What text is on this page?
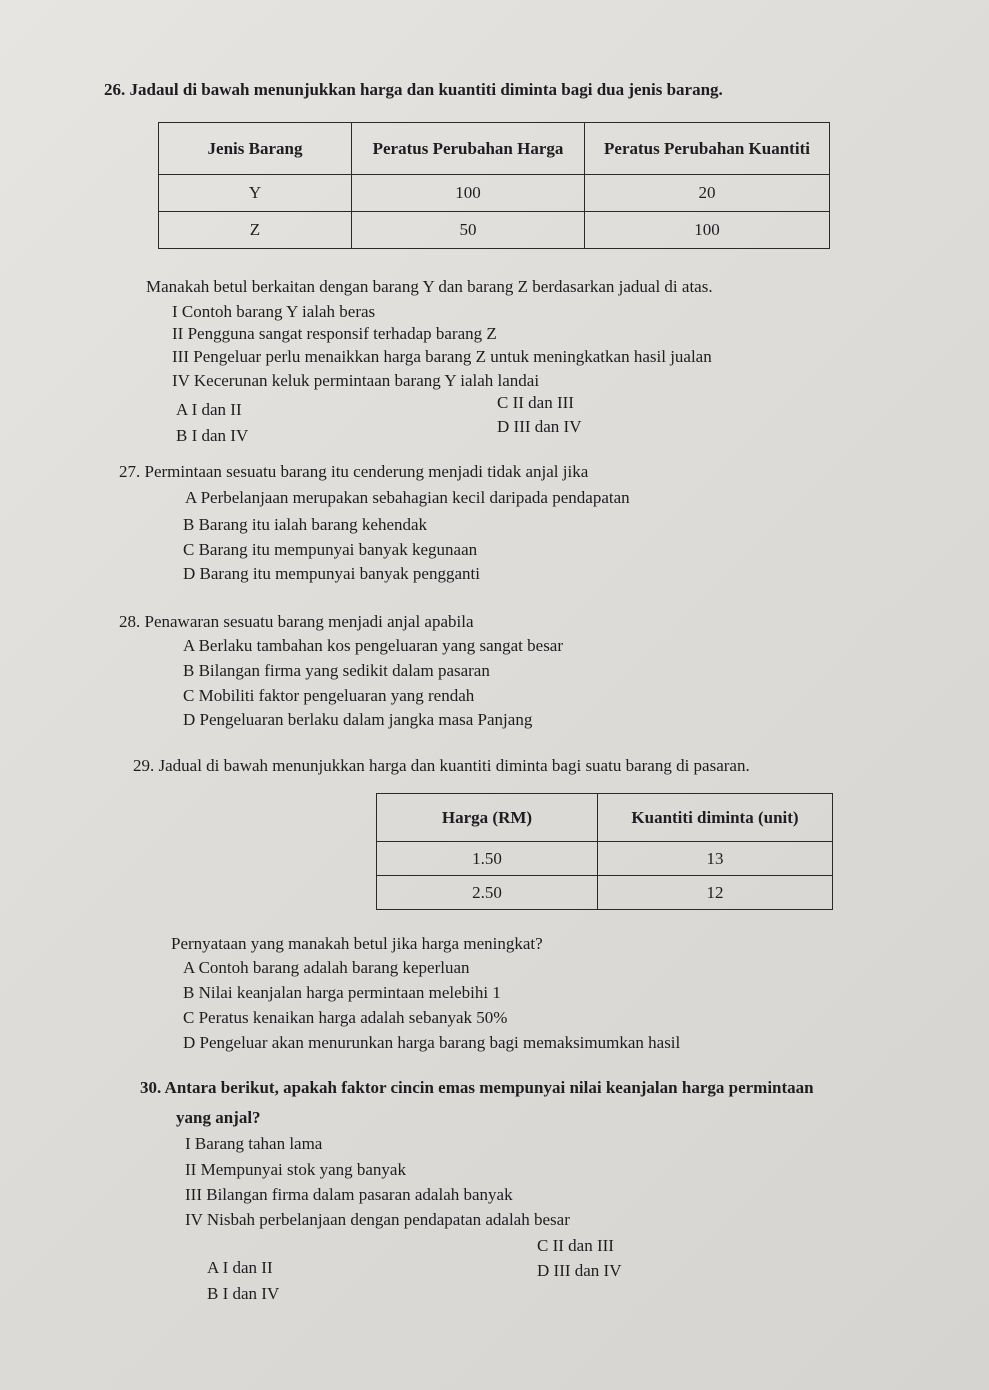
26. Jadaul di bawah menunjukkan harga dan kuantiti diminta bagi dua jenis barang.
Jenis Barang	Peratus Perubahan Harga	Peratus Perubahan Kuantiti
Y	100	20
Z	50	100
Manakah betul berkaitan dengan barang Y dan barang Z berdasarkan jadual di atas.
I Contoh barang Y ialah beras
II Pengguna sangat responsif terhadap barang Z
III Pengeluar perlu menaikkan harga barang Z untuk meningkatkan hasil jualan
IV Kecerunan keluk permintaan barang Y ialah landai
A I dan II
B I dan IV
C II dan III
D III dan IV
27. Permintaan sesuatu barang itu cenderung menjadi tidak anjal jika
A Perbelanjaan merupakan sebahagian kecil daripada pendapatan
B Barang itu ialah barang kehendak
C Barang itu mempunyai banyak kegunaan
D Barang itu mempunyai banyak pengganti
28. Penawaran sesuatu barang menjadi anjal apabila
A Berlaku tambahan kos pengeluaran yang sangat besar
B Bilangan firma yang sedikit dalam pasaran
C Mobiliti faktor pengeluaran yang rendah
D Pengeluaran berlaku dalam jangka masa Panjang
29. Jadual di bawah menunjukkan harga dan kuantiti diminta bagi suatu barang di pasaran.
Harga (RM)	Kuantiti diminta (unit)
1.50	13
2.50	12
Pernyataan yang manakah betul jika harga meningkat?
A Contoh barang adalah barang keperluan
B Nilai keanjalan harga permintaan melebihi 1
C Peratus kenaikan harga adalah sebanyak 50%
D Pengeluar akan menurunkan harga barang bagi memaksimumkan hasil
30. Antara berikut, apakah faktor cincin emas mempunyai nilai keanjalan harga permintaan
yang anjal?
I Barang tahan lama
II Mempunyai stok yang banyak
III Bilangan firma dalam pasaran adalah banyak
IV Nisbah perbelanjaan dengan pendapatan adalah besar
A I dan II
B I dan IV
C II dan III
D III dan IV
